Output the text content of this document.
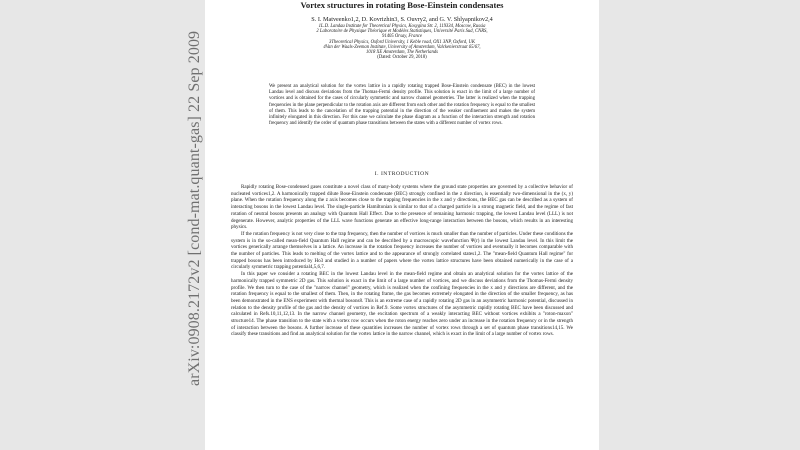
arXiv:0908.2172v2 [cond-mat.quant-gas] 22 Sep 2009
Vortex structures in rotating Bose-Einstein condensates
S. I. Matveenko1,2, D. Kovrizhin3, S. Ouvry2, and G. V. Shlyapnikov2,4
1L.D. Landau Institute for Theoretical Physics, Kosygina Str. 2, 119334, Moscow, Russia
2 Laboratoire de Physique Théorique et Modèles Statistiques, Université Paris Sud, CNRS,
91405 Orsay, France
3Theoretical Physics, Oxford University, 1 Keble road, OX1 3NP, Oxford, UK
4Van der Waals-Zeeman Institute, University of Amsterdam, Valckenierstraat 65/67,
1018 XE Amsterdam, The Netherlands
(Dated: October 29, 2018)
We present an analytical solution for the vortex lattice in a rapidly rotating trapped Bose-Einstein condensate (BEC) in the lowest Landau level and discuss deviations from the Thomas-Fermi density profile. This solution is exact in the limit of a large number of vortices and is obtained for the cases of circularly symmetric and narrow channel geometries. The latter is realized when the trapping frequencies in the plane perpendicular to the rotation axis are different from each other and the rotation frequency is equal to the smallest of them. This leads to the cancelation of the trapping potential in the direction of the weaker confinement and makes the system infinitely elongated in this direction. For this case we calculate the phase diagram as a function of the interaction strength and rotation frequency and identify the order of quantum phase transitions between the states with a different number of vortex rows.
I. INTRODUCTION

Rapidly rotating Bose-condensed gases constitute a novel class of many-body systems where the ground state properties are governed by a collective behavior of nucleated vortices1,2. A harmonically trapped dilute Bose-Einstein condensate (BEC) strongly confined in the z direction, is essentially two-dimensional in the (x, y) plane. When the rotation frequency along the z axis becomes close to the trapping frequencies in the x and y directions, the BEC gas can be described as a system of interacting bosons in the lowest Landau level. The single-particle Hamiltonian is similar to that of a charged particle in a strong magnetic field, and the regime of fast rotation of neutral bosons presents an analogy with Quantum Hall Effect. Due to the presence of remaining harmonic trapping, the lowest Landau level (LLL) is not degenerate. However, analytic properties of the LLL wave functions generate an effective long-range interaction between the bosons, which results in an interesting physics.

If the rotation frequency is not very close to the trap frequency, then the number of vortices is much smaller than the number of particles. Under these conditions the system is in the so-called mean-field Quantum Hall regime and can be described by a macroscopic wavefunction Ψ(r) in the lowest Landau level. In this limit the vortices generically arrange themselves in a lattice. An increase in the rotation frequency increases the number of vortices and eventually it becomes comparable with the number of particles. This leads to melting of the vortex lattice and to the appearance of strongly correlated states1,2. The "mean-field Quantum Hall regime" for trapped bosons has been introduced by Ho3 and studied in a number of papers where the vortex lattice structures have been obtained numerically in the case of a circularly symmetric trapping potential4,5,6,7.

In this paper we consider a rotating BEC in the lowest Landau level in the mean-field regime and obtain an analytical solution for the vortex lattice of the harmonically trapped symmetric 2D gas. This solution is exact in the limit of a large number of vortices, and we discuss deviations from the Thomas-Fermi density profile. We then turn to the case of the "narrow channel" geometry, which is realized when the confining frequencies in the x and y directions are different, and the rotation frequency is equal to the smallest of them. Then, in the rotating frame, the gas becomes extremely elongated in the direction of the smaller frequency, as has been demonstrated in the ENS experiment with thermal bosons8. This is an extreme case of a rapidly rotating 2D gas in an asymmetric harmonic potential, discussed in relation to the density profile of the gas and the density of vortices in Ref.9. Some vortex structures of the asymmetric rapidly rotating BEC have been discussed and calculated in Refs.10,11,12,13. In the narrow channel geometry, the excitation spectrum of a weakly interacting BEC without vortices exhibits a "roton-maxon" structure14. The phase transition to the state with a vortex row occurs when the roton energy reaches zero under an increase in the rotation frequency or in the strength of interaction between the bosons. A further increase of these quantities increases the number of vortex rows through a set of quantum phase transitions14,15. We classify these transitions and find an analytical solution for the vortex lattice in the narrow channel, which is exact in the limit of a large number of vortex rows.
